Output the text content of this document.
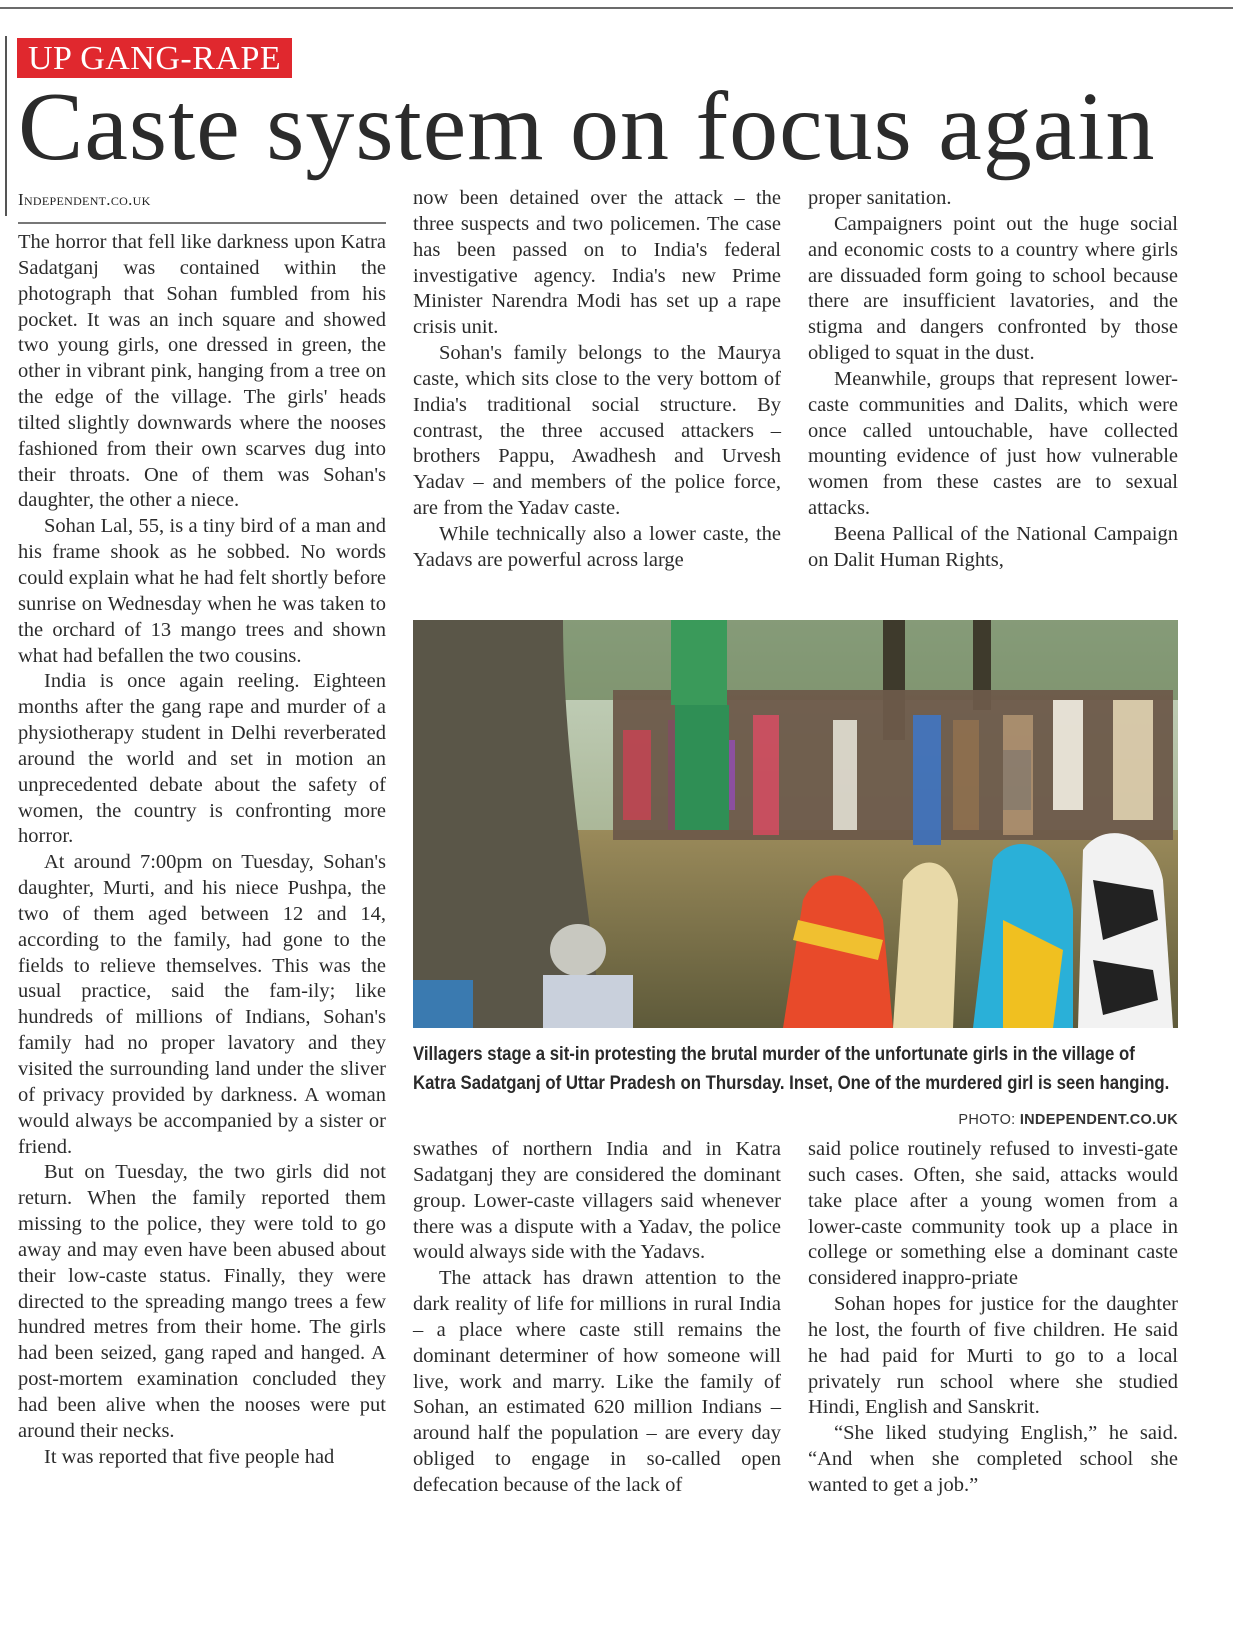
UP GANG-RAPE
Caste system on focus again
Independent.co.uk

The horror that fell like darkness upon Katra Sadatganj was contained within the photograph that Sohan fumbled from his pocket. It was an inch square and showed two young girls, one dressed in green, the other in vibrant pink, hanging from a tree on the edge of the village. The girls' heads tilted slightly downwards where the nooses fashioned from their own scarves dug into their throats. One of them was Sohan's daughter, the other a niece.

Sohan Lal, 55, is a tiny bird of a man and his frame shook as he sobbed. No words could explain what he had felt shortly before sunrise on Wednesday when he was taken to the orchard of 13 mango trees and shown what had befallen the two cousins.

India is once again reeling. Eighteen months after the gang rape and murder of a physiotherapy student in Delhi reverberated around the world and set in motion an unprecedented debate about the safety of women, the country is confronting more horror.

At around 7:00pm on Tuesday, Sohan's daughter, Murti, and his niece Pushpa, the two of them aged between 12 and 14, according to the family, had gone to the fields to relieve themselves. This was the usual practice, said the fam-ily; like hundreds of millions of Indians, Sohan's family had no proper lavatory and they visited the surrounding land under the sliver of privacy provided by darkness. A woman would always be accompanied by a sister or friend.

But on Tuesday, the two girls did not return. When the family reported them missing to the police, they were told to go away and may even have been abused about their low-caste status. Finally, they were directed to the spreading mango trees a few hundred metres from their home. The girls had been seized, gang raped and hanged. A post-mortem examination concluded they had been alive when the nooses were put around their necks.

It was reported that five people had

now been detained over the attack – the three suspects and two policemen. The case has been passed on to India's federal investigative agency. India's new Prime Minister Narendra Modi has set up a rape crisis unit.

Sohan's family belongs to the Maurya caste, which sits close to the very bottom of India's traditional social structure. By contrast, the three accused attackers – brothers Pappu, Awadhesh and Urvesh Yadav – and members of the police force, are from the Yadav caste.

While technically also a lower caste, the Yadavs are powerful across large

proper sanitation.

Campaigners point out the huge social and economic costs to a country where girls are dissuaded form going to school because there are insufficient lavatories, and the stigma and dangers confronted by those obliged to squat in the dust.

Meanwhile, groups that represent lower-caste communities and Dalits, which were once called untouchable, have collected mounting evidence of just how vulnerable women from these castes are to sexual attacks.

Beena Pallical of the National Campaign on Dalit Human Rights,

Villagers stage a sit-in protesting the brutal murder of the unfortunate girls in the village of Katra Sadatganj of Uttar Pradesh on Thursday. Inset, One of the murdered girl is seen hanging.
PHOTO: INDEPENDENT.CO.UK

swathes of northern India and in Katra Sadatganj they are considered the dominant group. Lower-caste villagers said whenever there was a dispute with a Yadav, the police would always side with the Yadavs.

The attack has drawn attention to the dark reality of life for millions in rural India – a place where caste still remains the dominant determiner of how someone will live, work and marry. Like the family of Sohan, an estimated 620 million Indians – around half the population – are every day obliged to engage in so-called open defecation because of the lack of

said police routinely refused to investi-gate such cases. Often, she said, attacks would take place after a young women from a lower-caste community took up a place in college or something else a dominant caste considered inappro-priate

Sohan hopes for justice for the daughter he lost, the fourth of five children. He said he had paid for Murti to go to a local privately run school where she studied Hindi, English and Sanskrit.

“She liked studying English,” he said. “And when she completed school she wanted to get a job.”
